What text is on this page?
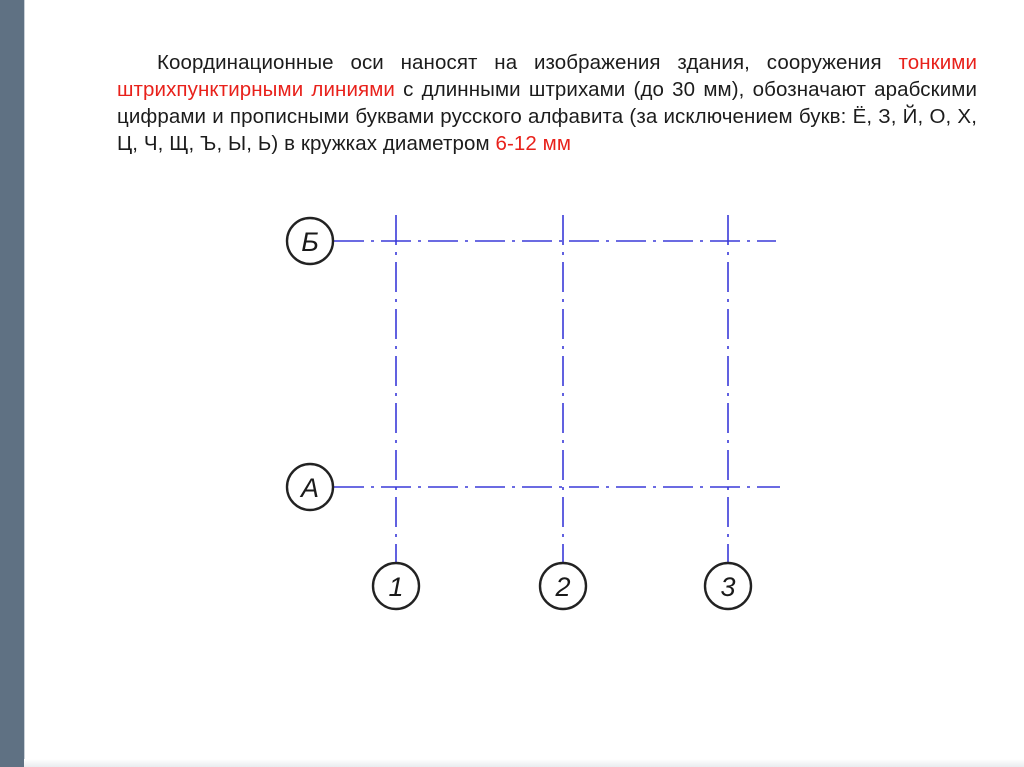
Координационные оси наносят на изображения здания, сооружения тонкими штрихпунктирными линиями с длинными штрихами (до 30 мм), обозначают арабскими цифрами и прописными буквами русского алфавита (за исключением букв: Ё, З, Й, О, Х, Ц, Ч, Щ, Ъ, Ы, Ь) в кружках диаметром 6-12 мм

Б
А
1	2	3
